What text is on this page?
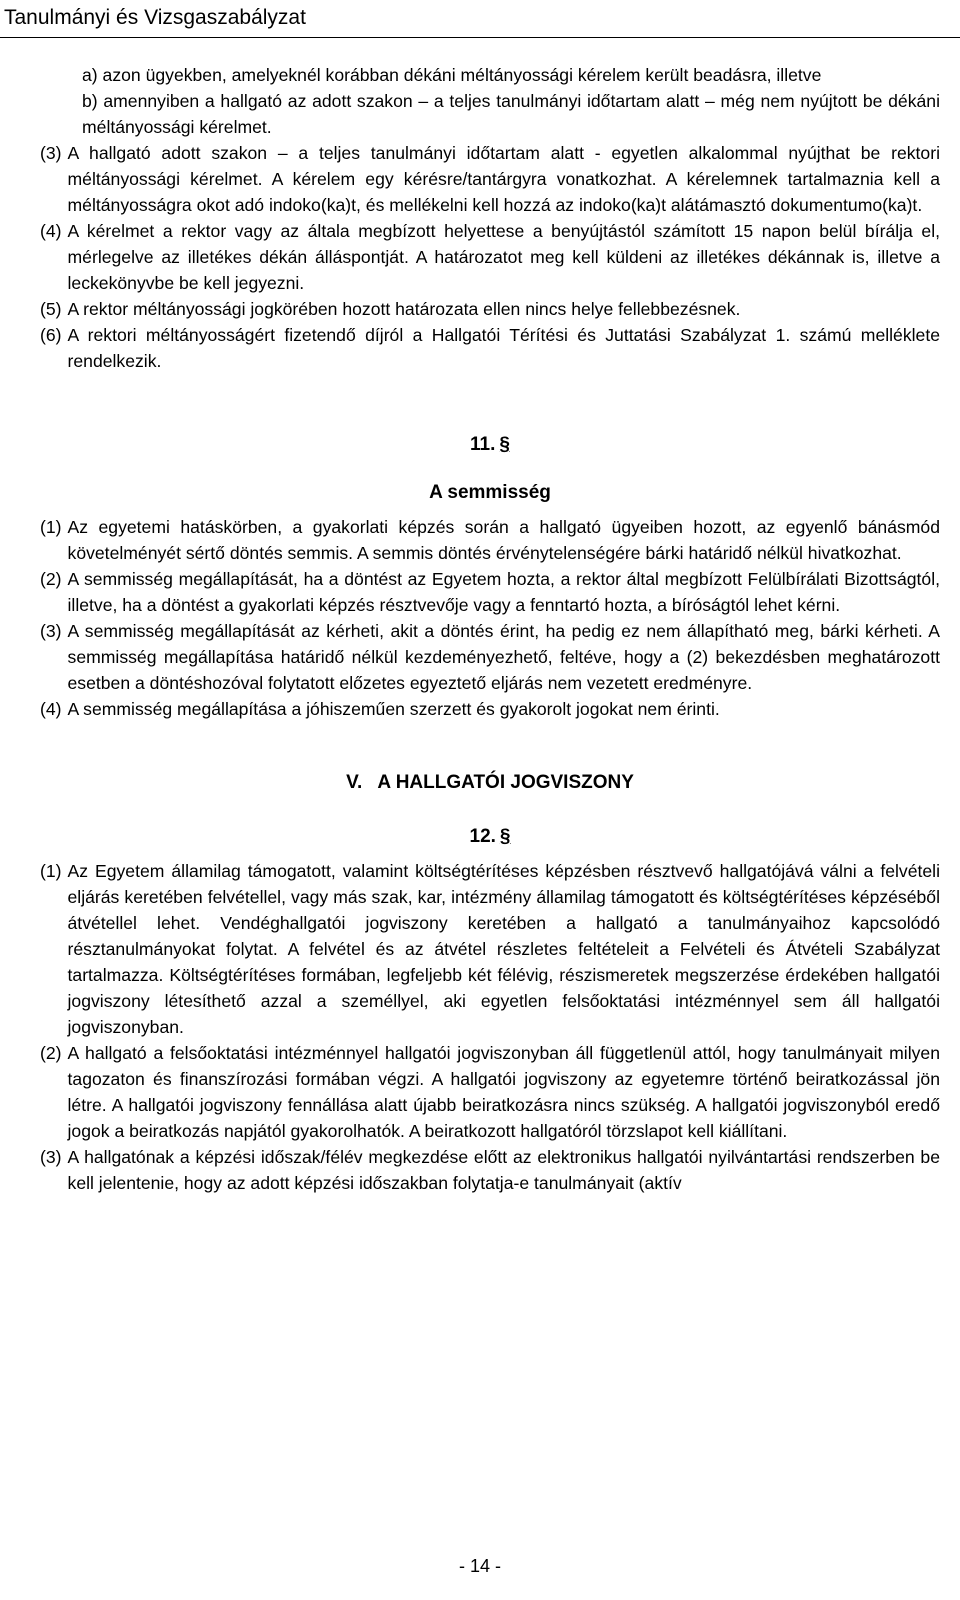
Tanulmányi és Vizsgaszabályzat
a) azon ügyekben, amelyeknél korábban dékáni méltányossági kérelem került beadásra, illetve
b) amennyiben a hallgató az adott szakon – a teljes tanulmányi időtartam alatt – még nem nyújtott be dékáni méltányossági kérelmet.
(3) A hallgató adott szakon – a teljes tanulmányi időtartam alatt - egyetlen alkalommal nyújthat be rektori méltányossági kérelmet. A kérelem egy kérésre/tantárgyra vonatkozhat. A kérelemnek tartalmaznia kell a méltányosságra okot adó indoko(ka)t, és mellékelni kell hozzá az indoko(ka)t alátámasztó dokumentumo(ka)t.
(4) A kérelmet a rektor vagy az általa megbízott helyettese a benyújtástól számított 15 napon belül bírálja el, mérlegelve az illetékes dékán álláspontját. A határozatot meg kell küldeni az illetékes dékánnak is, illetve a leckekönyvbe be kell jegyezni.
(5) A rektor méltányossági jogkörében hozott határozata ellen nincs helye fellebbezésnek.
(6) A rektori méltányosságért fizetendő díjról a Hallgatói Térítési és Juttatási Szabályzat 1. számú melléklete rendelkezik.
11. §
A semmisség
(1) Az egyetemi hatáskörben, a gyakorlati képzés során a hallgató ügyeiben hozott, az egyenlő bánásmód követelményét sértő döntés semmis. A semmis döntés érvénytelenségére bárki határidő nélkül hivatkozhat.
(2) A semmisség megállapítását, ha a döntést az Egyetem hozta, a rektor által megbízott Felülbírálati Bizottságtól, illetve, ha a döntést a gyakorlati képzés résztvevője vagy a fenntartó hozta, a bíróságtól lehet kérni.
(3) A semmisség megállapítását az kérheti, akit a döntés érint, ha pedig ez nem állapítható meg, bárki kérheti. A semmisség megállapítása határidő nélkül kezdeményezhető, feltéve, hogy a (2) bekezdésben meghatározott esetben a döntéshozóval folytatott előzetes egyeztető eljárás nem vezetett eredményre.
(4) A semmisség megállapítása a jóhiszeműen szerzett és gyakorolt jogokat nem érinti.
V.   A HALLGATÓI JOGVISZONY
12. §
(1) Az Egyetem államilag támogatott, valamint költségtérítéses képzésben résztvevő hallgatójává válni a felvételi eljárás keretében felvétellel, vagy más szak, kar, intézmény államilag támogatott és költségtérítéses képzéséből átvétellel lehet. Vendéghallgatói jogviszony keretében a hallgató a tanulmányaihoz kapcsolódó résztanulmányokat folytat. A felvétel és az átvétel részletes feltételeit a Felvételi és Átvételi Szabályzat tartalmazza. Költségtérítéses formában, legfeljebb két félévig, részismeretek megszerzése érdekében hallgatói jogviszony létesíthető azzal a személlyel, aki egyetlen felsőoktatási intézménnyel sem áll hallgatói jogviszonyban.
(2) A hallgató a felsőoktatási intézménnyel hallgatói jogviszonyban áll függetlenül attól, hogy tanulmányait milyen tagozaton és finanszírozási formában végzi. A hallgatói jogviszony az egyetemre történő beiratkozással jön létre. A hallgatói jogviszony fennállása alatt újabb beiratkozásra nincs szükség. A hallgatói jogviszonyból eredő jogok a beiratkozás napjától gyakorolhatók. A beiratkozott hallgatóról törzslapot kell kiállítani.
(3) A hallgatónak a képzési időszak/félév megkezdése előtt az elektronikus hallgatói nyilvántartási rendszerben be kell jelentenie, hogy az adott képzési időszakban folytatja-e tanulmányait (aktív
- 14 -
